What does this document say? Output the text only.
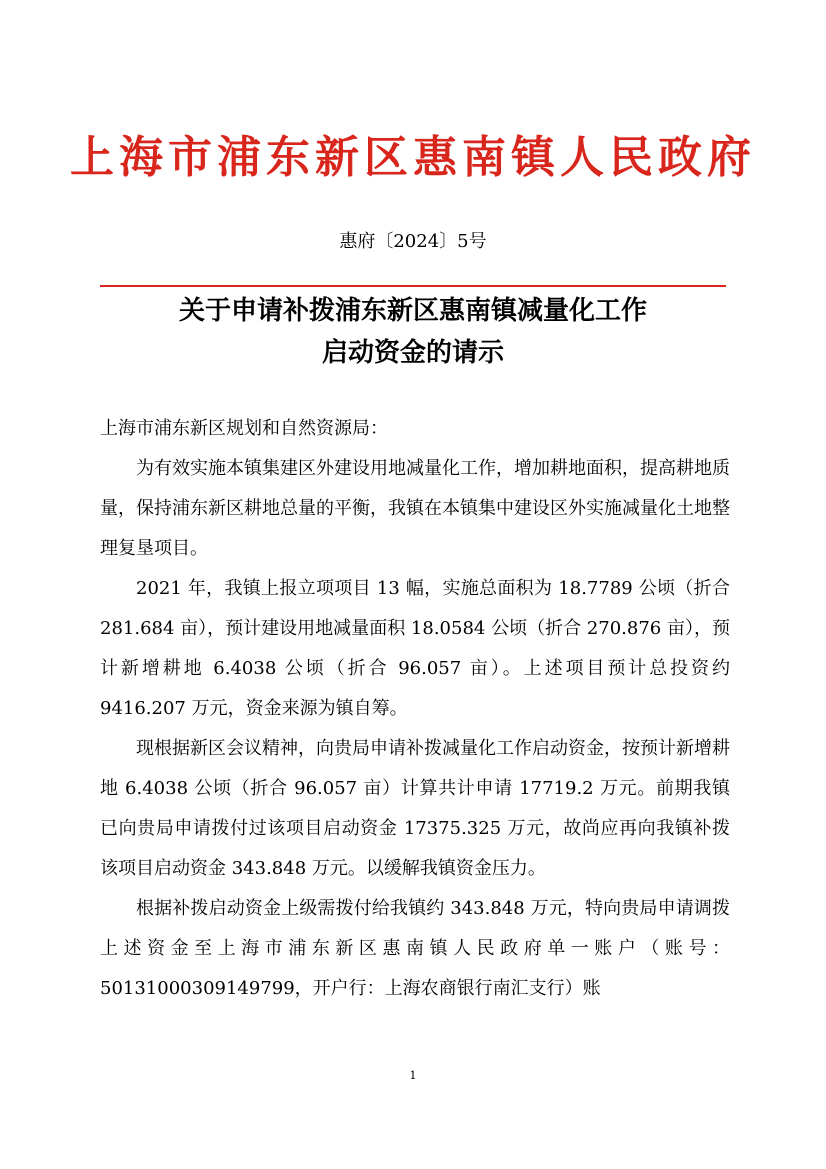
上海市浦东新区惠南镇人民政府
惠府〔2024〕5号
关于申请补拨浦东新区惠南镇减量化工作
启动资金的请示

上海市浦东新区规划和自然资源局：

为有效实施本镇集建区外建设用地减量化工作，增加耕地面积，提高耕地质量，保持浦东新区耕地总量的平衡，我镇在本镇集中建设区外实施减量化土地整理复垦项目。

2021 年，我镇上报立项项目 13 幅，实施总面积为 18.7789 公顷（折合 281.684 亩），预计建设用地减量面积 18.0584 公顷（折合 270.876 亩），预计新增耕地 6.4038 公顷（折合 96.057 亩）。上述项目预计总投资约 9416.207 万元，资金来源为镇自筹。

现根据新区会议精神，向贵局申请补拨减量化工作启动资金，按预计新增耕地 6.4038 公顷（折合 96.057 亩）计算共计申请 17719.2 万元。前期我镇已向贵局申请拨付过该项目启动资金 17375.325 万元，故尚应再向我镇补拨该项目启动资金 343.848 万元。以缓解我镇资金压力。

根据补拨启动资金上级需拨付给我镇约 343.848 万元，特向贵局申请调拨上述资金至上海市浦东新区惠南镇人民政府单一账户（账号：50131000309149799，开户行：上海农商银行南汇支行）账

1
